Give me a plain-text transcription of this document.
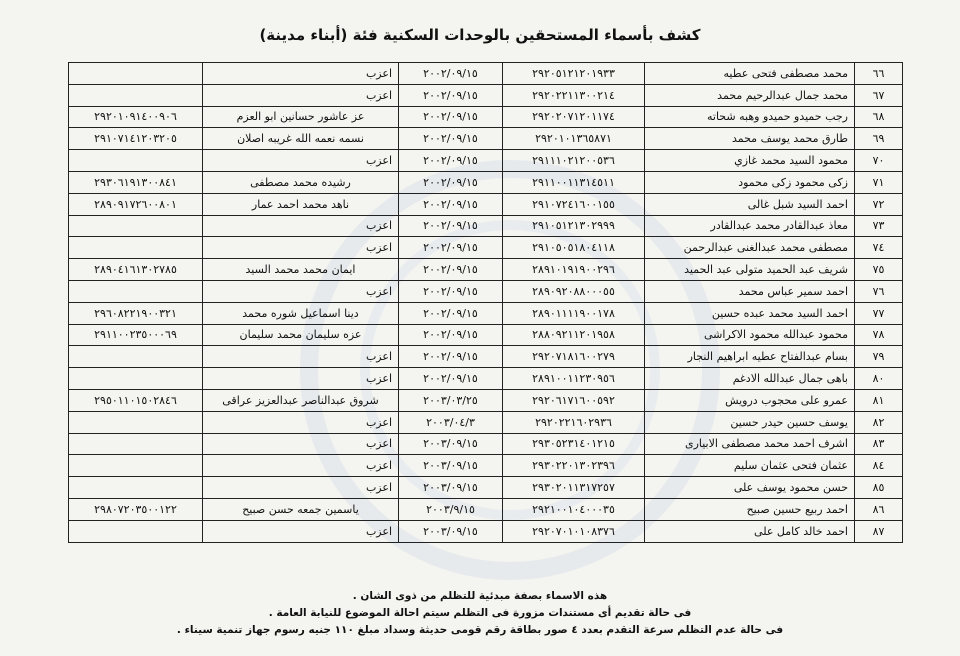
كشف بأسماء المستحقين بالوحدات السكنية فئة (أبناء مدينة)
٦٦	محمد مصطفى فتحى عطيه	٢٩٢٠٥١٢١٢٠١٩٣٣	٢٠٠٢/٠٩/١٥	اعزب	
٦٧	محمد جمال عبدالرحيم محمد	٢٩٢٠٢٢١١٣٠٠٢١٤	٢٠٠٢/٠٩/١٥	اعزب	
٦٨	رجب حميدو حميدو وهبه شحاته	٢٩٢٠٢٠٧١٢٠١١٧٤	٢٠٠٢/٠٩/١٥	عز عاشور حسانين ابو العزم	٢٩٢٠١٠٩١٤٠٠٩٠٦
٦٩	طارق محمد يوسف محمد	٢٩٢٠١٠١٣٦٥٨٧١	٢٠٠٢/٠٩/١٥	نسمه نعمه الله غريبه اصلان	٢٩١٠٧١٤١٢٠٣٢٠٥
٧٠	محمود السيد محمد غازي	٢٩١١١٠٢١٢٠٠٥٣٦	٢٠٠٢/٠٩/١٥	اعزب	
٧١	زكى محمود زكى محمود	٢٩١١٠٠١١٣١٤٥١١	٢٠٠٢/٠٩/١٥	رشيده محمد مصطفى	٢٩٣٠٦١٩١٣٠٠٨٤١
٧٢	احمد السيد شبل غالى	٢٩١٠٧٢٤١٦٠٠١٥٥	٢٠٠٢/٠٩/١٥	ناهد محمد احمد عمار	٢٨٩٠٩١٧٢٦٠٠٨٠١
٧٣	معاذ عبدالقادر محمد عبدالقادر	٢٩١٠٥١٢١٣٠٢٩٩٩	٢٠٠٢/٠٩/١٥	اعزب	
٧٤	مصطفى محمد عبدالغنى عبدالرحمن	٢٩١٠٥٠٥١٨٠٤١١٨	٢٠٠٢/٠٩/١٥	اعزب	
٧٥	شريف عبد الحميد متولى عبد الحميد	٢٨٩١٠١٩١٩٠٠٢٩٦	٢٠٠٢/٠٩/١٥	ايمان محمد محمد السيد	٢٨٩٠٤١٦١٣٠٢٧٨٥
٧٦	احمد سمير عباس محمد	٢٨٩٠٩٢٠٨٨٠٠٠٥٥	٢٠٠٢/٠٩/١٥	اعزب	
٧٧	احمد السيد محمد عبده حسين	٢٨٩٠١١١١٩٠٠١٧٨	٢٠٠٢/٠٩/١٥	دينا اسماعيل شوره محمد	٢٩٦٠٨٢٢١٩٠٠٣٢١
٧٨	محمود عبدالله محمود الاكراشى	٢٨٨٠٩٢١١٢٠١٩٥٨	٢٠٠٢/٠٩/١٥	عزه سليمان محمد سليمان	٢٩١١٠٠٢٣٥٠٠٠٦٩
٧٩	بسام عبدالفتاح عطيه ابراهيم النجار	٢٩٢٠٧١٨١٦٠٠٢٧٩	٢٠٠٢/٠٩/١٥	اعزب	
٨٠	باهى جمال عبدالله الادغم	٢٨٩١٠٠١١٢٣٠٩٥٦	٢٠٠٢/٠٩/١٥	اعزب	
٨١	عمرو على محجوب درويش	٢٩٢٠٦١٧١٦٠٠٥٩٢	٢٠٠٣/٠٣/٢٥	شروق عبدالناصر عبدالعزيز عراقى	٢٩٥٠١١٠١٥٠٢٨٤٦
٨٢	يوسف حسين حيدر حسين	٢٩٢٠٢٢١٦٠٢٩٣٦	٢٠٠٣/٠٤/٣	اعزب	
٨٣	اشرف احمد محمد مصطفى الابيارى	٢٩٣٠٥٢٣١٤٠١٢١٥	٢٠٠٣/٠٩/١٥	اعزب	
٨٤	عثمان فتحى عثمان سليم	٢٩٣٠٢٢٠١٣٠٢٣٩٦	٢٠٠٣/٠٩/١٥	اعزب	
٨٥	حسن محمود يوسف على	٢٩٣٠٢٠١١٣١٧٢٥٧	٢٠٠٣/٠٩/١٥	اعزب	
٨٦	احمد ربيع حسين صبيح	٢٩٢١٠٠١٠٤٠٠٠٣٥	٢٠٠٣/٩/١٥	ياسمين جمعه حسن صبيح	٢٩٨٠٧٢٠٣٥٠٠١٢٢
٨٧	احمد خالد كامل على	٢٩٢٠٧٠١٠١٠٨٣٧٦	٢٠٠٣/٠٩/١٥	اعزب	
هذه الاسماء بصفة مبدئية للتظلم من ذوى الشان .
فى حالة تقديم أى مستندات مزورة فى التظلم سيتم احالة الموضوع للنيابة العامة .
فى حالة عدم التظلم سرعة التقدم بعدد ٤ صور بطاقة رقم قومى حديثة وسداد مبلغ ١١٠ جنيه رسوم جهاز تنمية سيناء .
